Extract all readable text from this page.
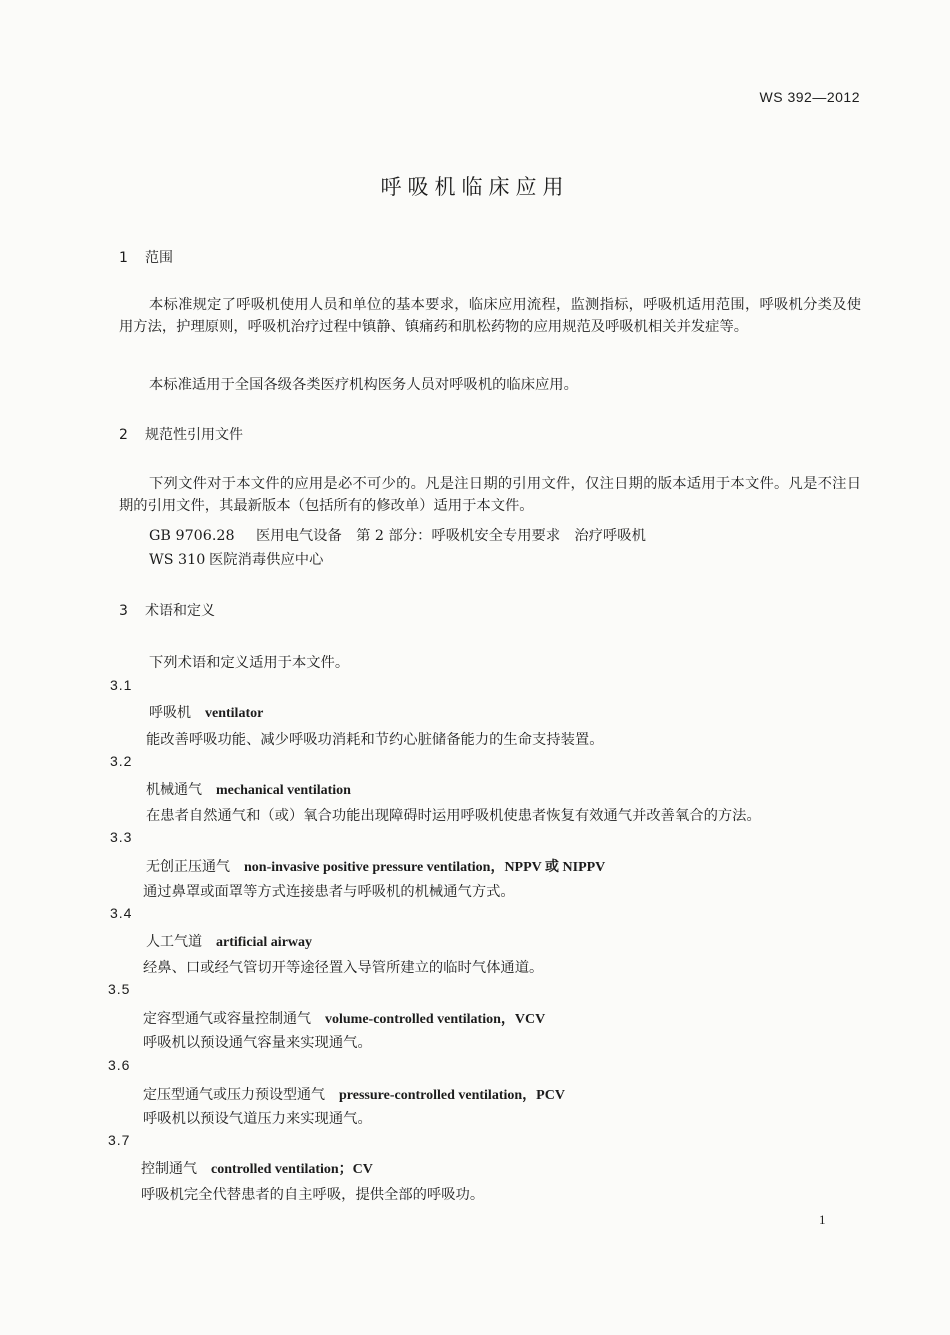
WS 392—2012
呼吸机临床应用
1 范围
本标准规定了呼吸机使用人员和单位的基本要求，临床应用流程，监测指标，呼吸机适用范围，呼吸机分类及使用方法，护理原则，呼吸机治疗过程中镇静、镇痛药和肌松药物的应用规范及呼吸机相关并发症等。
本标准适用于全国各级各类医疗机构医务人员对呼吸机的临床应用。
2 规范性引用文件
下列文件对于本文件的应用是必不可少的。凡是注日期的引用文件，仅注日期的版本适用于本文件。凡是不注日期的引用文件，其最新版本（包括所有的修改单）适用于本文件。
GB 9706.28 医用电气设备　第 2 部分：呼吸机安全专用要求　治疗呼吸机
WS 310 医院消毒供应中心
3 术语和定义
下列术语和定义适用于本文件。
3.1
呼吸机 ventilator
能改善呼吸功能、减少呼吸功消耗和节约心脏储备能力的生命支持装置。
3.2
机械通气 mechanical ventilation
在患者自然通气和（或）氧合功能出现障碍时运用呼吸机使患者恢复有效通气并改善氧合的方法。
3.3
无创正压通气 non-invasive positive pressure ventilation，NPPV 或 NIPPV
通过鼻罩或面罩等方式连接患者与呼吸机的机械通气方式。
3.4
人工气道 artificial airway
经鼻、口或经气管切开等途径置入导管所建立的临时气体通道。
3.5
定容型通气或容量控制通气 volume-controlled ventilation，VCV
呼吸机以预设通气容量来实现通气。
3.6
定压型通气或压力预设型通气 pressure-controlled ventilation，PCV
呼吸机以预设气道压力来实现通气。
3.7
控制通气 controlled ventilation；CV
呼吸机完全代替患者的自主呼吸，提供全部的呼吸功。
1
